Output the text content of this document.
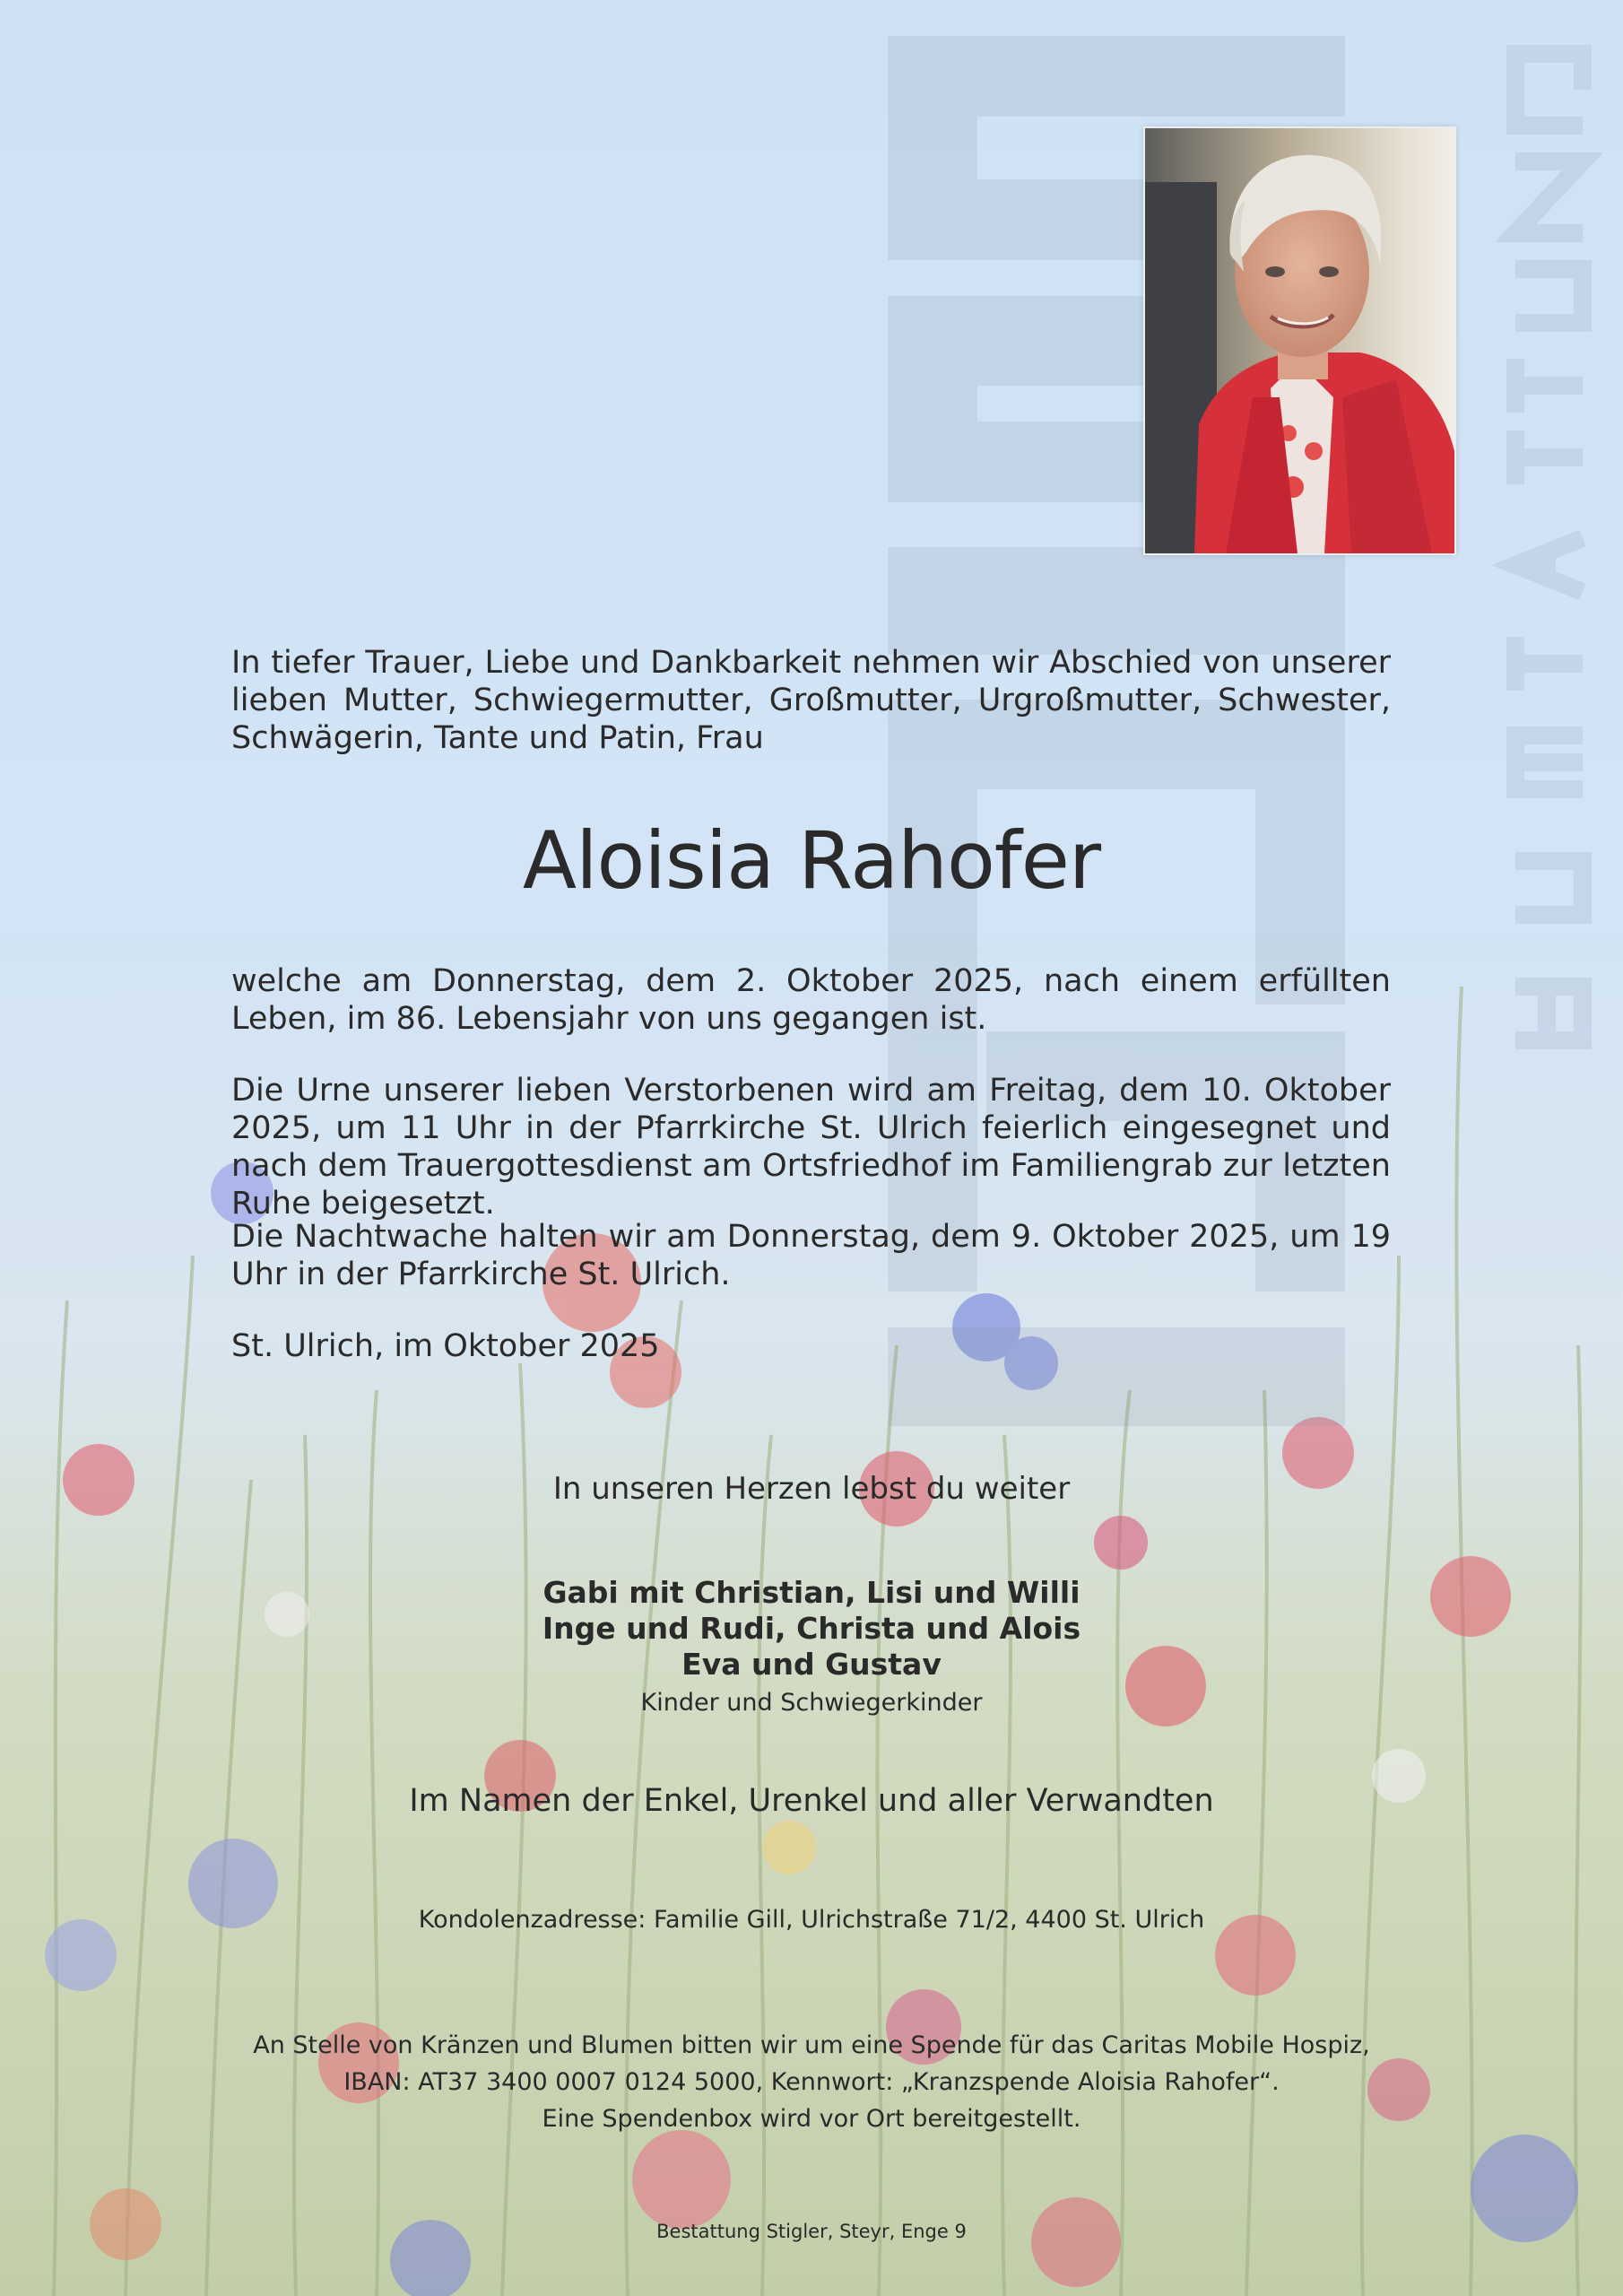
In tiefer Trauer, Liebe und Dankbarkeit nehmen wir Abschied von unserer lieben Mutter, Schwiegermutter, Großmutter, Urgroßmutter, Schwester, Schwägerin, Tante und Patin, Frau

Aloisia Rahofer

welche am Donnerstag, dem 2. Oktober 2025, nach einem erfüllten Leben, im 86. Lebensjahr von uns gegangen ist.

Die Urne unserer lieben Verstorbenen wird am Freitag, dem 10. Oktober 2025, um 11 Uhr in der Pfarrkirche St. Ulrich feierlich eingesegnet und nach dem Trauergottesdienst am Ortsfriedhof im Familiengrab zur letzten Ruhe beigesetzt.

Die Nachtwache halten wir am Donnerstag, dem 9. Oktober 2025, um 19 Uhr in der Pfarrkirche St. Ulrich.

St. Ulrich, im Oktober 2025

In unseren Herzen lebst du weiter

Gabi mit Christian, Lisi und Willi
Inge und Rudi, Christa und Alois
Eva und Gustav

Kinder und Schwiegerkinder

Im Namen der Enkel, Urenkel und aller Verwandten

Kondolenzadresse: Familie Gill, Ulrichstraße 71/2, 4400 St. Ulrich

An Stelle von Kränzen und Blumen bitten wir um eine Spende für das Caritas Mobile Hospiz,
IBAN: AT37 3400 0007 0124 5000, Kennwort: „Kranzspende Aloisia Rahofer“.
Eine Spendenbox wird vor Ort bereitgestellt.

Bestattung Stigler, Steyr, Enge 9
